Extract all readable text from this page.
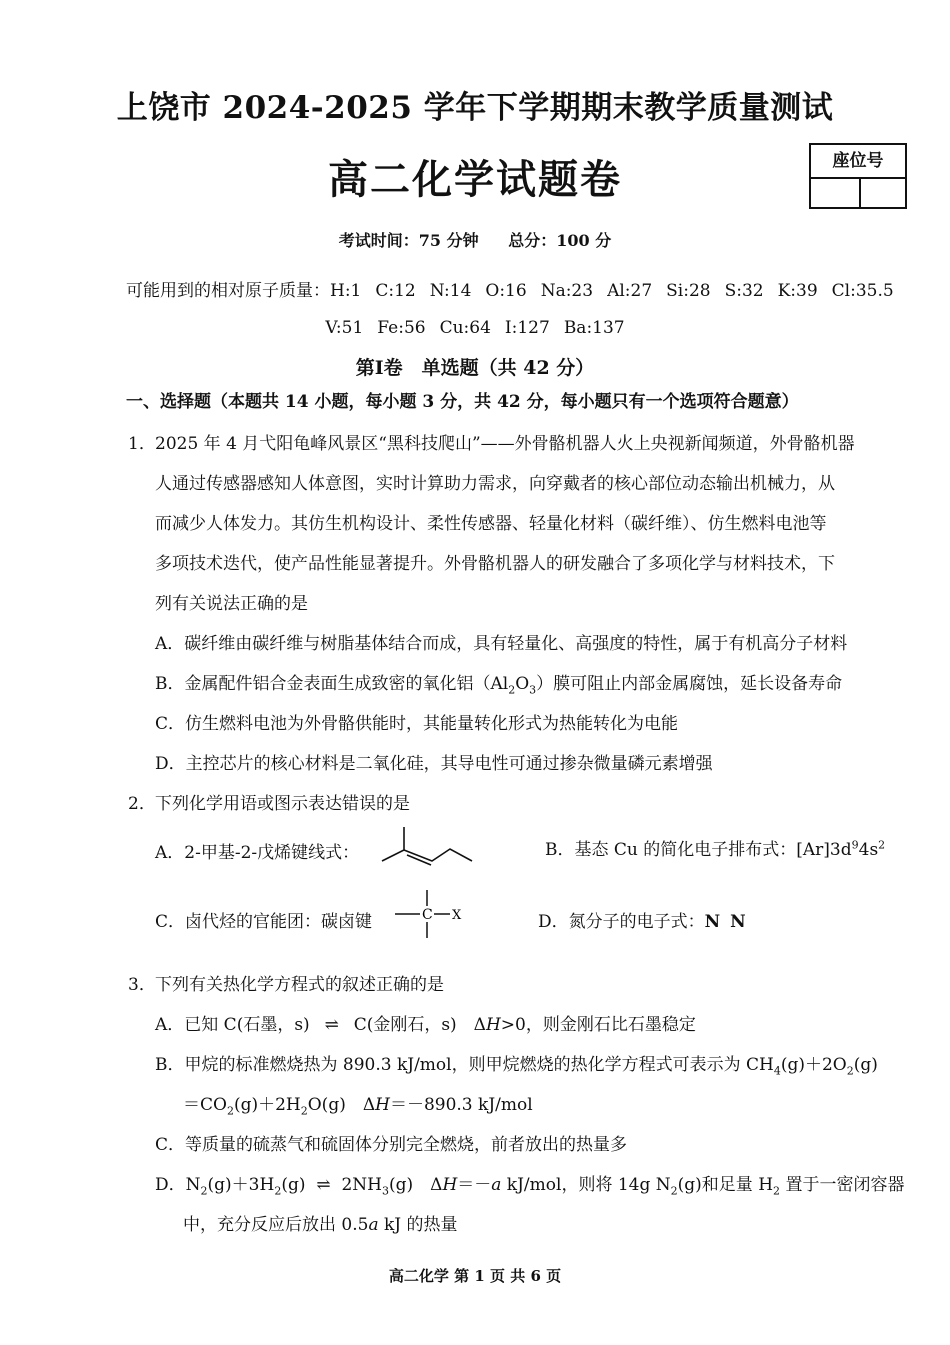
上饶市 2024-2025 学年下学期期末教学质量测试
高二化学试题卷	座位号
考试时间：75 分钟 总分：100 分
可能用到的相对原子质量：H:1 C:12 N:14 O:16 Na:23 Al:27 Si:28 S:32 K:39 Cl:35.5
V:51 Fe:56 Cu:64 I:127 Ba:137
第Ⅰ卷　单选题（共 42 分）
一、选择题（本题共 14 小题，每小题 3 分，共 42 分，每小题只有一个选项符合题意）
1． 2025 年 4 月弋阳龟峰风景区“黑科技爬山”——外骨骼机器人火上央视新闻频道，外骨骼机器
人通过传感器感知人体意图，实时计算助力需求，向穿戴者的核心部位动态输出机械力，从
而减少人体发力。其仿生机构设计、柔性传感器、轻量化材料（碳纤维）、仿生燃料电池等
多项技术迭代，使产品性能显著提升。外骨骼机器人的研发融合了多项化学与材料技术，下
列有关说法正确的是
A．碳纤维由碳纤维与树脂基体结合而成，具有轻量化、高强度的特性，属于有机高分子材料
B．金属配件铝合金表面生成致密的氧化铝$(Al_2O_3)$膜可阻止内部金属腐蚀，延长设备寿命
C．仿生燃料电池为外骨骼供能时，其能量转化形式为热能转化为电能
D．主控芯片的核心材料是二氧化硅，其导电性可通过掺杂微量磷元素增强
2． 下列化学用语或图示表达错误的是
A．2-甲基-2-戊烯键线式：	B．基态 Cu 的简化电子排布式：$[Ar]3d^94s^2$
C．卤代烃的官能团：碳卤键	C X	D．氮分子的电子式：N N
3． 下列有关热化学方程式的叙述正确的是
A．已知 C(石墨，s) ⇌ C(金刚石，s)　ΔH>0，则金刚石比石墨稳定
B．甲烷的标准燃烧热为 890.3 kJ/mol，则甲烷燃烧的热化学方程式可表示为 $CH_4(g)+2O_2(g)$
$=CO_2(g)+2H_2O(g)$　ΔH＝－890.3 kJ/mol
C．等质量的硫蒸气和硫固体分别完全燃烧，前者放出的热量多
D．$N_2(g)+3H_2(g)$ ⇌ $2NH_3(g)$　ΔH＝－a kJ/mol，则将 14g $N_2(g)$和足量 $H_2$ 置于一密闭容器
中，充分反应后放出 0.5a kJ 的热量
高二化学 第 1 页 共 6 页
